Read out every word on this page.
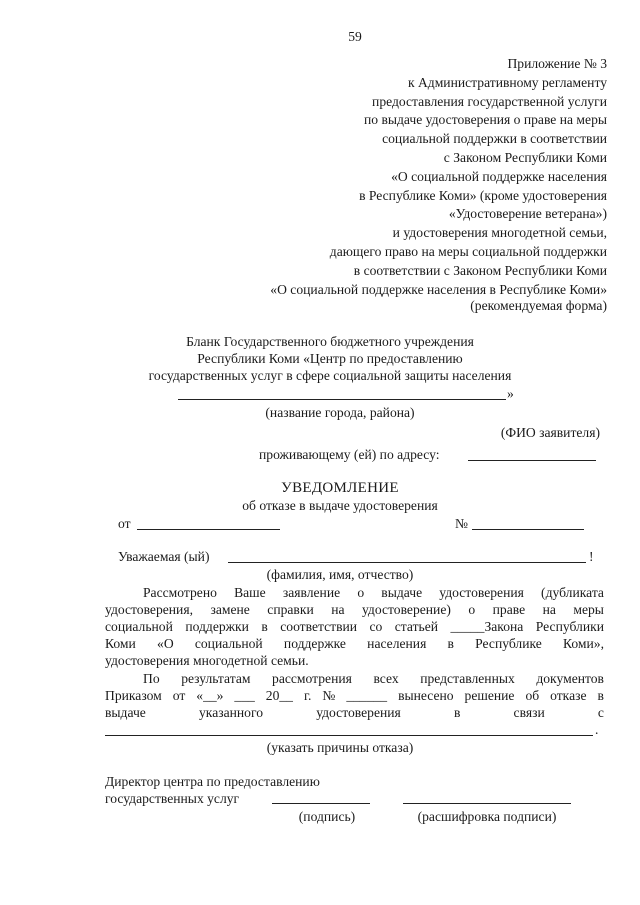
59
Приложение № 3
к Административному регламенту
предоставления государственной услуги
по выдаче удостоверения о праве на меры
социальной поддержки в соответствии
с Законом Республики Коми
«О социальной поддержке населения
в Республике Коми» (кроме удостоверения
«Удостоверение ветерана»)
и удостоверения многодетной семьи,
дающего право на меры социальной поддержки
в соответствии с Законом Республики Коми
«О социальной поддержке населения в Республике Коми»
(рекомендуемая форма)
Бланк Государственного бюджетного учреждения
Республики Коми «Центр по предоставлению
государственных услуг в сфере социальной защиты населения
»
(название города, района)
(ФИО заявителя)
проживающему (ей) по адресу:
УВЕДОМЛЕНИЕ
об отказе в выдаче удостоверения
от	№
Уважаемая (ый)	!
(фамилия, имя, отчество)
Рассмотрено Ваше заявление о выдаче удостоверения (дубликата
удостоверения, замене справки на удостоверение) о праве на меры
социальной поддержки в соответствии со статьей _____Закона Республики
Коми «О социальной поддержке населения в Республике Коми»,
удостоверения многодетной семьи.
По результатам рассмотрения всех представленных документов
Приказом от «__» ___ 20__ г. № ______ вынесено решение об отказе в
выдаче	указанного	удостоверения	в	связи	с
.
(указать причины отказа)
Директор центра по предоставлению
государственных услуг
(подпись)	(расшифровка подписи)
